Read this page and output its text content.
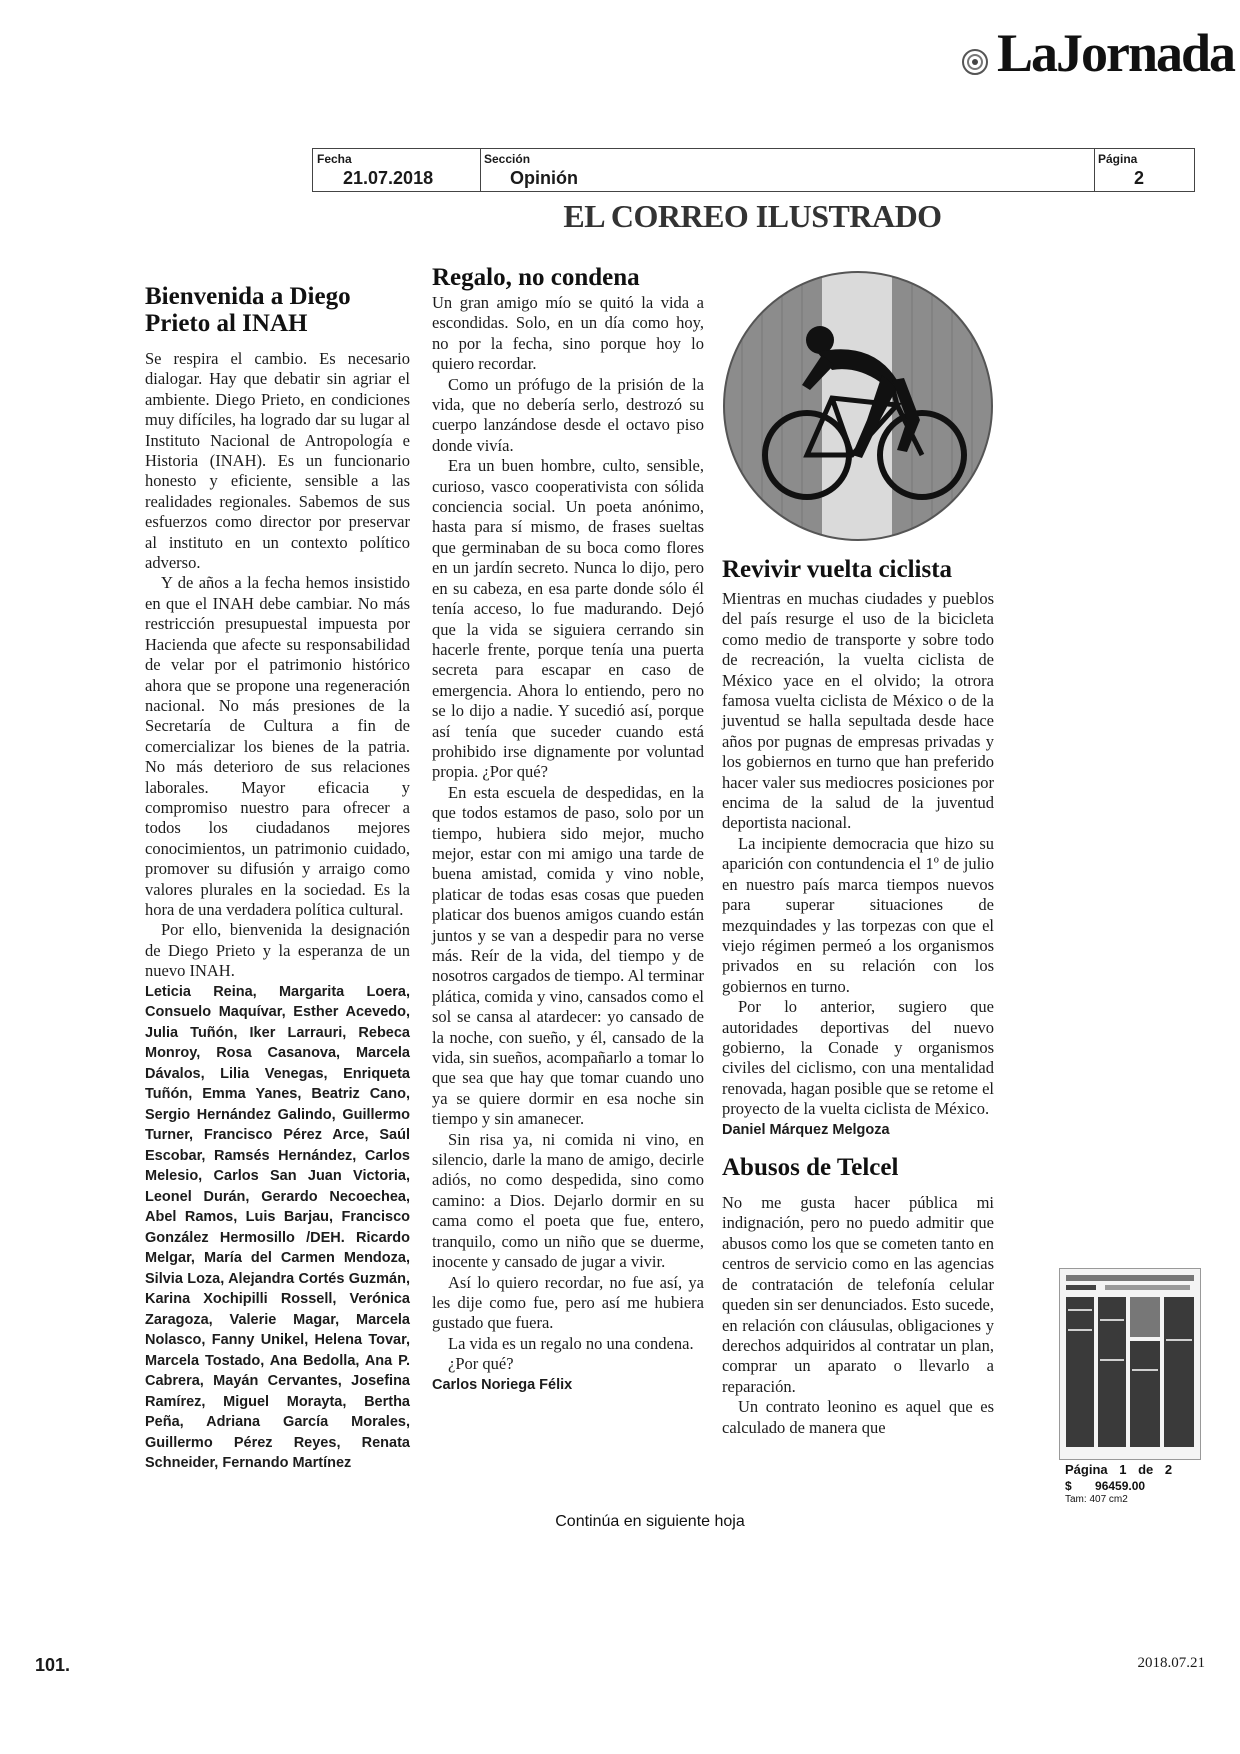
LaJornada
Fecha
21.07.2018
Sección
Opinión
Página
2
EL CORREO ILUSTRADO
Bienvenida a Diego Prieto al INAH

Se respira el cambio. Es necesario dialogar. Hay que debatir sin agriar el ambiente. Diego Prieto, en condiciones muy difíciles, ha logrado dar su lugar al Instituto Nacional de Antropología e Historia (INAH). Es un funcionario honesto y eficiente, sensible a las realidades regionales. Sabemos de sus esfuerzos como director por preservar al instituto en un contexto político adverso.

Y de años a la fecha hemos insistido en que el INAH debe cambiar. No más restricción presupuestal impuesta por Hacienda que afecte su responsabilidad de velar por el patrimonio histórico ahora que se propone una regeneración nacional. No más presiones de la Secretaría de Cultura a fin de comercializar los bienes de la patria. No más deterioro de sus relaciones laborales. Mayor eficacia y compromiso nuestro para ofrecer a todos los ciudadanos mejores conocimientos, un patrimonio cuidado, promover su difusión y arraigo como valores plurales en la sociedad. Es la hora de una verdadera política cultural.

Por ello, bienvenida la designación de Diego Prieto y la esperanza de un nuevo INAH.

Leticia Reina, Margarita Loera, Consuelo Maquívar, Esther Acevedo, Julia Tuñón, Iker Larrauri, Rebeca Monroy, Rosa Casanova, Marcela Dávalos, Lilia Venegas, Enriqueta Tuñón, Emma Yanes, Beatriz Cano, Sergio Hernández Galindo, Guillermo Turner, Francisco Pérez Arce, Saúl Escobar, Ramsés Hernández, Carlos Melesio, Carlos San Juan Victoria, Leonel Durán, Gerardo Necoechea, Abel Ramos, Luis Barjau, Francisco González Hermosillo /DEH. Ricardo Melgar, María del Carmen Mendoza, Silvia Loza, Alejandra Cortés Guzmán, Karina Xochipilli Rossell, Verónica Zaragoza, Valerie Magar, Marcela Nolasco, Fanny Unikel, Helena Tovar, Marcela Tostado, Ana Bedolla, Ana P. Cabrera, Mayán Cervantes, Josefina Ramírez, Miguel Morayta, Bertha Peña, Adriana García Morales, Guillermo Pérez Reyes, Renata Schneider, Fernando Martínez

Regalo, no condena

Un gran amigo mío se quitó la vida a escondidas. Solo, en un día como hoy, no por la fecha, sino porque hoy lo quiero recordar.

Como un prófugo de la prisión de la vida, que no debería serlo, destrozó su cuerpo lanzándose desde el octavo piso donde vivía.

Era un buen hombre, culto, sensible, curioso, vasco cooperativista con sólida conciencia social. Un poeta anónimo, hasta para sí mismo, de frases sueltas que germinaban de su boca como flores en un jardín secreto. Nunca lo dijo, pero en su cabeza, en esa parte donde sólo él tenía acceso, lo fue madurando. Dejó que la vida se siguiera cerrando sin hacerle frente, porque tenía una puerta secreta para escapar en caso de emergencia. Ahora lo entiendo, pero no se lo dijo a nadie. Y sucedió así, porque así tenía que suceder cuando está prohibido irse dignamente por voluntad propia. ¿Por qué?

En esta escuela de despedidas, en la que todos estamos de paso, solo por un tiempo, hubiera sido mejor, mucho mejor, estar con mi amigo una tarde de buena amistad, comida y vino noble, platicar de todas esas cosas que pueden platicar dos buenos amigos cuando están juntos y se van a despedir para no verse más. Reír de la vida, del tiempo y de nosotros cargados de tiempo. Al terminar plática, comida y vino, cansados como el sol se cansa al atardecer: yo cansado de la noche, con sueño, y él, cansado de la vida, sin sueños, acompañarlo a tomar lo que sea que hay que tomar cuando uno ya se quiere dormir en esa noche sin tiempo y sin amanecer.

Sin risa ya, ni comida ni vino, en silencio, darle la mano de amigo, decirle adiós, no como despedida, sino como camino: a Dios. Dejarlo dormir en su cama como el poeta que fue, entero, tranquilo, como un niño que se duerme, inocente y cansado de jugar a vivir.

Así lo quiero recordar, no fue así, ya les dije como fue, pero así me hubiera gustado que fuera.

La vida es un regalo no una condena.

¿Por qué?

Carlos Noriega Félix

Revivir vuelta ciclista

Mientras en muchas ciudades y pueblos del país resurge el uso de la bicicleta como medio de transporte y sobre todo de recreación, la vuelta ciclista de México yace en el olvido; la otrora famosa vuelta ciclista de México o de la juventud se halla sepultada desde hace años por pugnas de empresas privadas y los gobiernos en turno que han preferido hacer valer sus mediocres posiciones por encima de la salud de la juventud deportista nacional.

La incipiente democracia que hizo su aparición con contundencia el 1º de julio en nuestro país marca tiempos nuevos para superar situaciones de mezquindades y las torpezas con que el viejo régimen permeó a los organismos privados en su relación con los gobiernos en turno.

Por lo anterior, sugiero que autoridades deportivas del nuevo gobierno, la Conade y organismos civiles del ciclismo, con una mentalidad renovada, hagan posible que se retome el proyecto de la vuelta ciclista de México.

Daniel Márquez Melgoza

Abusos de Telcel

No me gusta hacer pública mi indignación, pero no puedo admitir que abusos como los que se cometen tanto en centros de servicio como en las agencias de contratación de telefonía celular queden sin ser denunciados. Esto sucede, en relación con cláusulas, obligaciones y derechos adquiridos al contratar un plan, comprar un aparato o llevarlo a reparación.

Un contrato leonino es aquel que es calculado de manera que

Continúa en siguiente hoja
Página 1 de 2
$ 96459.00
Tam: 407 cm2
101.	2018.07.21
